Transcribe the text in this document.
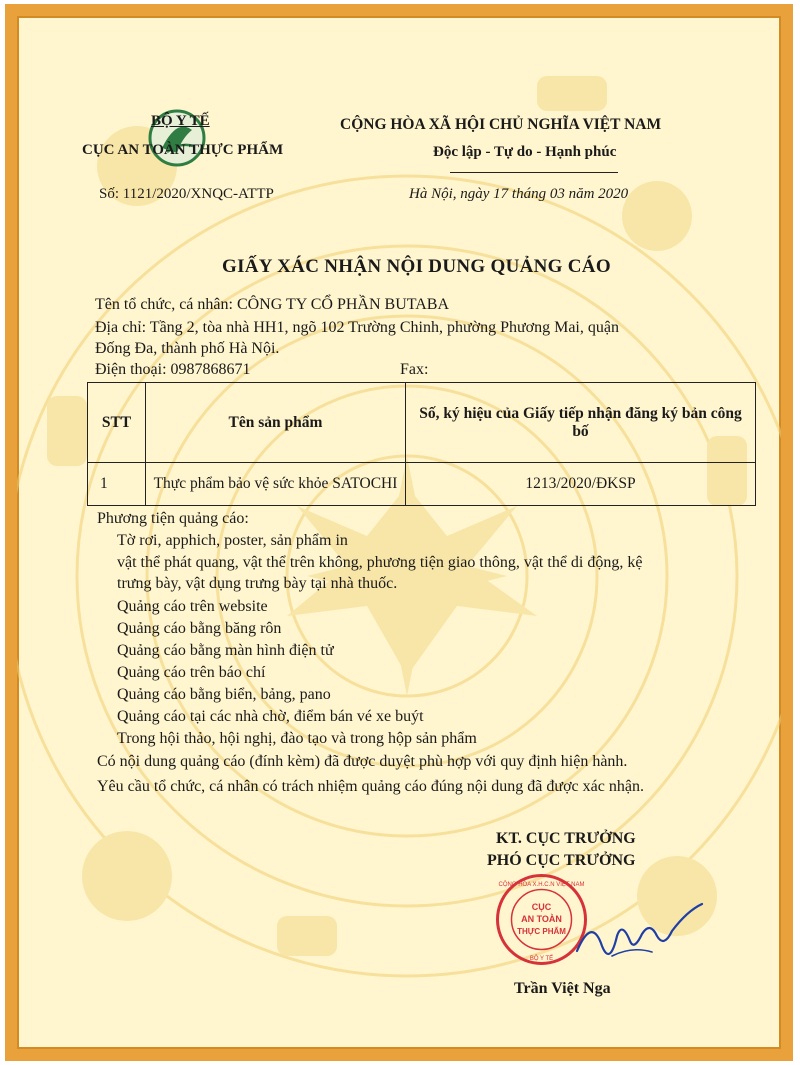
BỘ Y TẾ
CỤC AN TOÀN THỰC PHẨM
CỘNG HÒA XÃ HỘI CHỦ NGHĨA VIỆT NAM
Độc lập - Tự do - Hạnh phúc
Số: 1121/2020/XNQC-ATTP	Hà Nội, ngày 17 tháng 03 năm 2020
GIẤY XÁC NHẬN NỘI DUNG QUẢNG CÁO
Tên tổ chức, cá nhân: CÔNG TY CỔ PHẦN BUTABA
Địa chỉ: Tầng 2, tòa nhà HH1, ngõ 102 Trường Chinh, phường Phương Mai, quận
Đống Đa, thành phố Hà Nội.
Điện thoại: 0987868671	Fax:
STT	Tên sản phẩm	Số, ký hiệu của Giấy tiếp nhận đăng ký bản công bố
1	Thực phẩm bảo vệ sức khỏe SATOCHI	1213/2020/ĐKSP
Phương tiện quảng cáo:
Tờ rơi, apphich, poster, sản phẩm in
vật thể phát quang, vật thể trên không, phương tiện giao thông, vật thể di động, kệ
trưng bày, vật dụng trưng bày tại nhà thuốc.
Quảng cáo trên website
Quảng cáo bằng băng rôn
Quảng cáo bằng màn hình điện tử
Quảng cáo trên báo chí
Quảng cáo bằng biển, bảng, pano
Quảng cáo tại các nhà chờ, điểm bán vé xe buýt
Trong hội thảo, hội nghị, đào tạo và trong hộp sản phẩm
Có nội dung quảng cáo (đính kèm) đã được duyệt phù hợp với quy định hiện hành.
Yêu cầu tổ chức, cá nhân có trách nhiệm quảng cáo đúng nội dung đã được xác nhận.
KT. CỤC TRƯỞNG
PHÓ CỤC TRƯỞNG
CỤC
AN TOÀN
THỰC PHẨM
CỘNG HÒA X.H.C.N VIỆT NAM
BỘ Y TẾ
Trần Việt Nga
